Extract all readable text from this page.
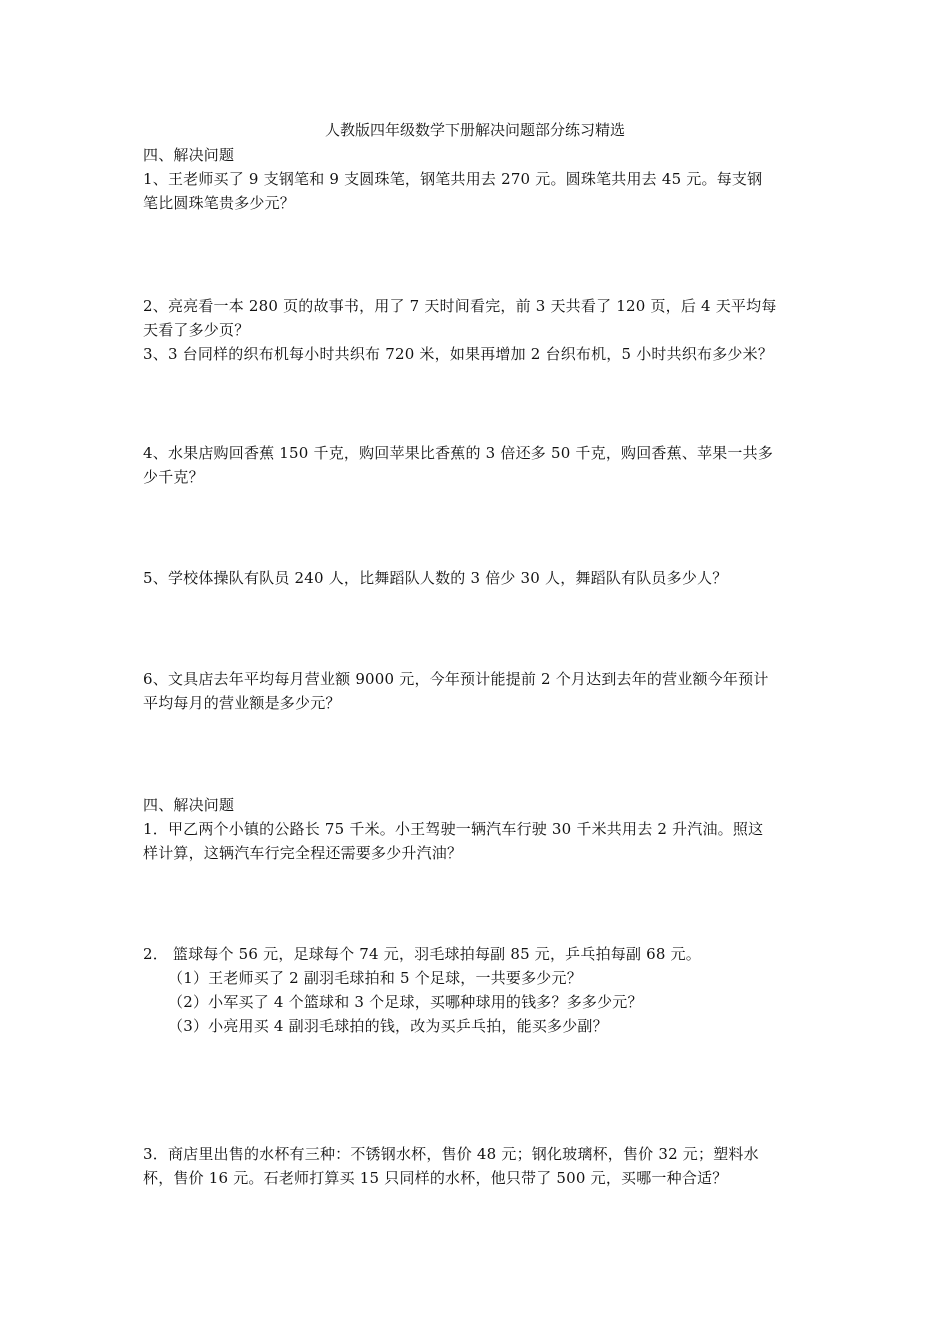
人教版四年级数学下册解决问题部分练习精选
四、解决问题
1、王老师买了 9 支钢笔和 9 支圆珠笔，钢笔共用去 270 元。圆珠笔共用去 45 元。每支钢
笔比圆珠笔贵多少元？
2、亮亮看一本 280 页的故事书，用了 7 天时间看完，前 3 天共看了 120 页，后 4 天平均每
天看了多少页？
3、3 台同样的织布机每小时共织布 720 米，如果再增加 2 台织布机，5 小时共织布多少米？
4、水果店购回香蕉 150 千克，购回苹果比香蕉的 3 倍还多 50 千克，购回香蕉、苹果一共多
少千克？
5、学校体操队有队员 240 人，比舞蹈队人数的 3 倍少 30 人，舞蹈队有队员多少人？
6、文具店去年平均每月营业额 9000 元，今年预计能提前 2 个月达到去年的营业额今年预计
平均每月的营业额是多少元？
四、解决问题
1．甲乙两个小镇的公路长 75 千米。小王驾驶一辆汽车行驶 30 千米共用去 2 升汽油。照这
样计算，这辆汽车行完全程还需要多少升汽油？
2． 篮球每个 56 元，足球每个 74 元，羽毛球拍每副 85 元，乒乓拍每副 68 元。
（1）王老师买了 2 副羽毛球拍和 5 个足球，一共要多少元？
（2）小军买了 4 个篮球和 3 个足球，买哪种球用的钱多？多多少元？
（3）小亮用买 4 副羽毛球拍的钱，改为买乒乓拍，能买多少副？
3．商店里出售的水杯有三种：不锈钢水杯，售价 48 元；钢化玻璃杯，售价 32 元；塑料水
杯，售价 16 元。石老师打算买 15 只同样的水杯，他只带了 500 元，买哪一种合适？
